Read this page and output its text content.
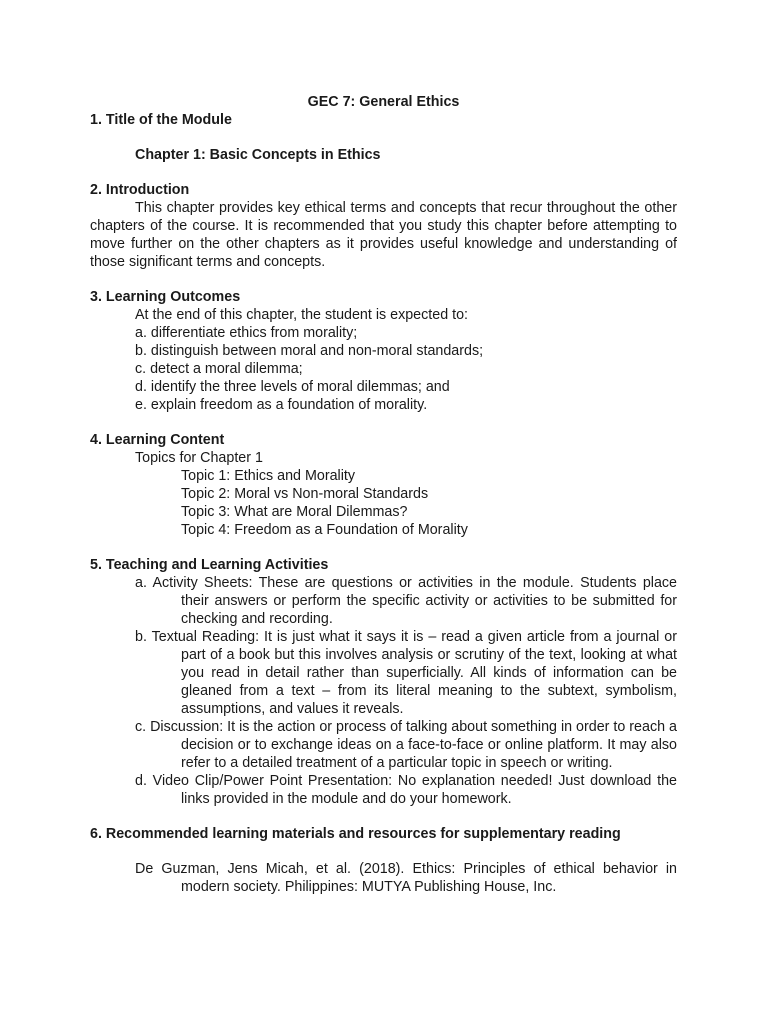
GEC 7: General Ethics
1. Title of the Module
Chapter 1: Basic Concepts in Ethics
2. Introduction
This chapter provides key ethical terms and concepts that recur throughout the other chapters of the course. It is recommended that you study this chapter before attempting to move further on the other chapters as it provides useful knowledge and understanding of those significant terms and concepts.
3. Learning Outcomes
At the end of this chapter, the student is expected to:
a. differentiate ethics from morality;
b. distinguish between moral and non-moral standards;
c. detect a moral dilemma;
d. identify the three levels of moral dilemmas; and
e. explain freedom as a foundation of morality.
4. Learning Content
Topics for Chapter 1
Topic 1: Ethics and Morality
Topic 2: Moral vs Non-moral Standards
Topic 3: What are Moral Dilemmas?
Topic 4: Freedom as a Foundation of Morality
5. Teaching and Learning Activities
a. Activity Sheets: These are questions or activities in the module. Students place their answers or perform the specific activity or activities to be submitted for checking and recording.
b. Textual Reading: It is just what it says it is – read a given article from a journal or part of a book but this involves analysis or scrutiny of the text, looking at what you read in detail rather than superficially. All kinds of information can be gleaned from a text – from its literal meaning to the subtext, symbolism, assumptions, and values it reveals.
c. Discussion: It is the action or process of talking about something in order to reach a decision or to exchange ideas on a face-to-face or online platform. It may also refer to a detailed treatment of a particular topic in speech or writing.
d. Video Clip/Power Point Presentation: No explanation needed! Just download the links provided in the module and do your homework.
6. Recommended learning materials and resources for supplementary reading
De Guzman, Jens Micah, et al. (2018). Ethics: Principles of ethical behavior in modern society. Philippines: MUTYA Publishing House, Inc.
